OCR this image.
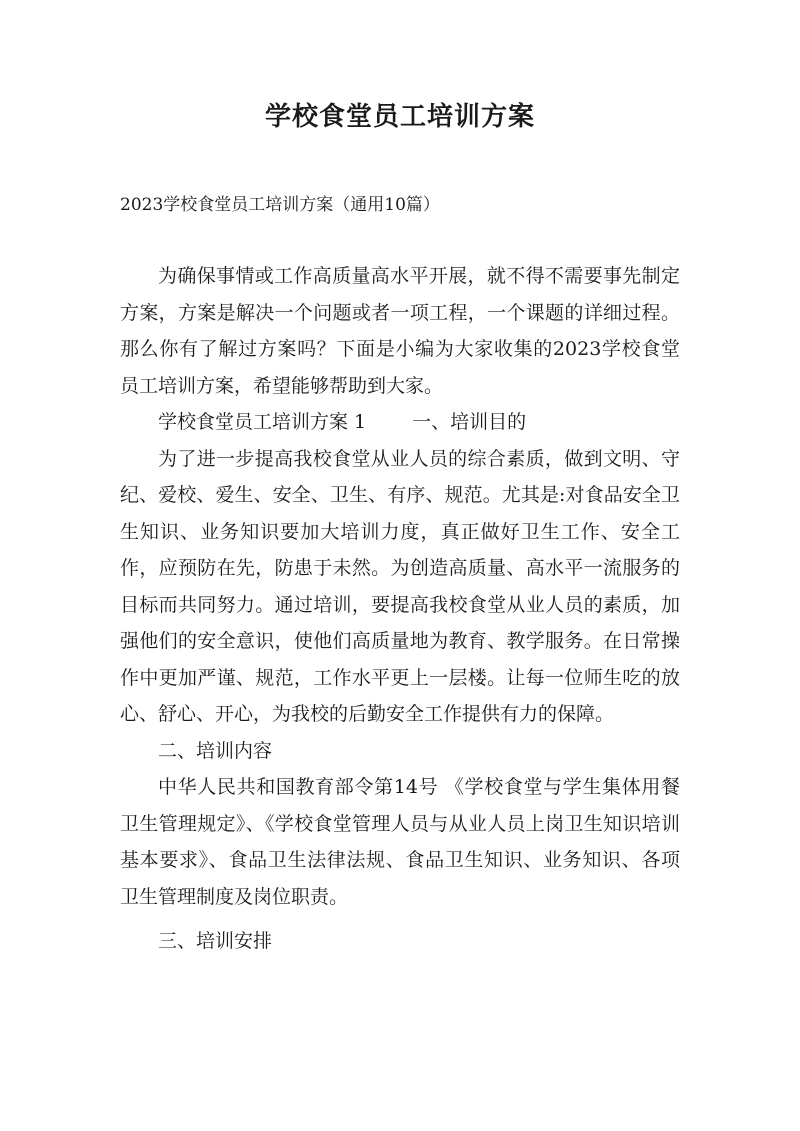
学校食堂员工培训方案
2023学校食堂员工培训方案（通用10篇）

为确保事情或工作高质量高水平开展，就不得不需要事先制定方案，方案是解决一个问题或者一项工程，一个课题的详细过程。那么你有了解过方案吗？下面是小编为大家收集的2023学校食堂员工培训方案，希望能够帮助到大家。

学校食堂员工培训方案 1 一、培训目的

为了进一步提高我校食堂从业人员的综合素质，做到文明、守纪、爱校、爱生、安全、卫生、有序、规范。尤其是:对食品安全卫生知识、业务知识要加大培训力度，真正做好卫生工作、安全工作，应预防在先，防患于未然。为创造高质量、高水平一流服务的目标而共同努力。通过培训，要提高我校食堂从业人员的素质，加强他们的安全意识，使他们高质量地为教育、教学服务。在日常操作中更加严谨、规范，工作水平更上一层楼。让每一位师生吃的放心、舒心、开心，为我校的后勤安全工作提供有力的保障。

二、培训内容

中华人民共和国教育部令第14号 《学校食堂与学生集体用餐卫生管理规定》、《学校食堂管理人员与从业人员上岗卫生知识培训基本要求》、食品卫生法律法规、食品卫生知识、业务知识、各项卫生管理制度及岗位职责。

三、培训安排
